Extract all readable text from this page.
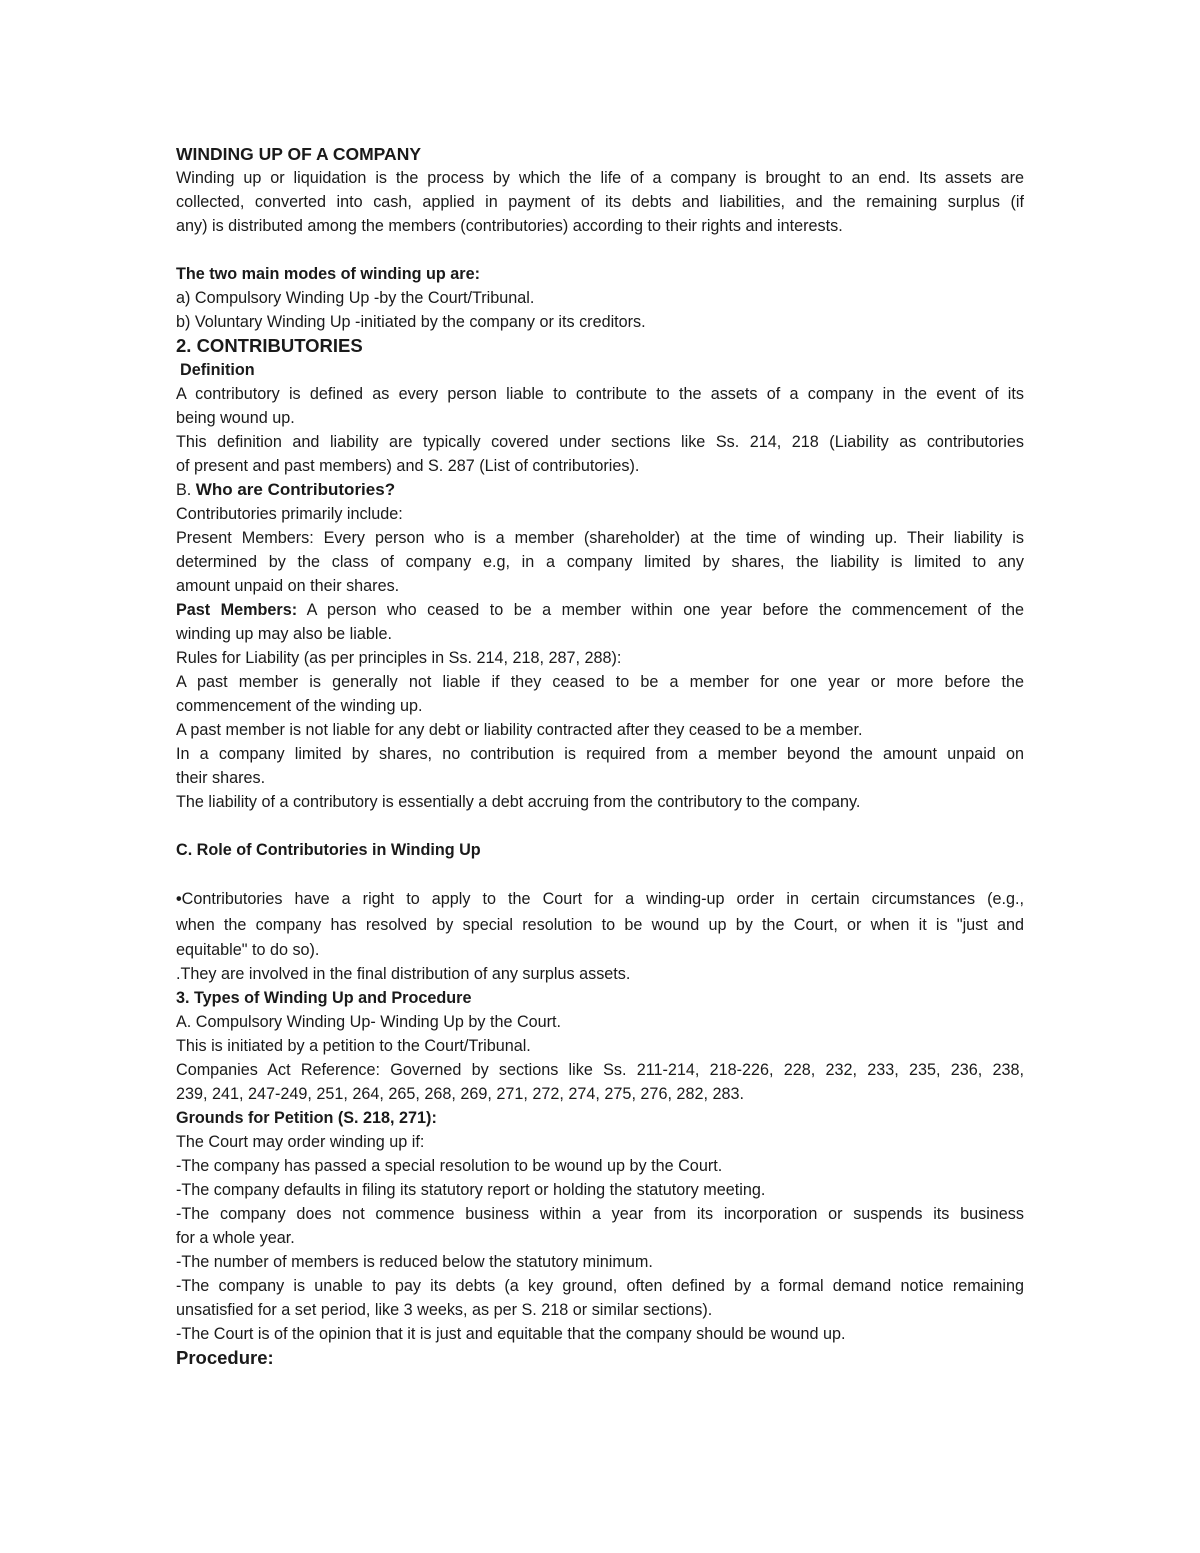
WINDING UP OF A COMPANY
Winding up or liquidation is the process by which the life of a company is brought to an end. Its assets are
collected, converted into cash, applied in payment of its debts and liabilities, and the remaining surplus (if
any) is distributed among the members (contributories) according to their rights and interests.
The two main modes of winding up are:
a) Compulsory Winding Up -by the Court/Tribunal.
b) Voluntary Winding Up -initiated by the company or its creditors.
2. CONTRIBUTORIES
Definition
A contributory is defined as every person liable to contribute to the assets of a company in the event of its
being wound up.
This definition and liability are typically covered under sections like Ss. 214, 218 (Liability as contributories
of present and past members) and S. 287 (List of contributories).
B. Who are Contributories?
Contributories primarily include:
Present Members: Every person who is a member (shareholder) at the time of winding up. Their liability is
determined by the class of company e.g, in a company limited by shares, the liability is limited to any
amount unpaid on their shares.
Past Members: A person who ceased to be a member within one year before the commencement of the
winding up may also be liable.
Rules for Liability (as per principles in Ss. 214, 218, 287, 288):
A past member is generally not liable if they ceased to be a member for one year or more before the
commencement of the winding up.
A past member is not liable for any debt or liability contracted after they ceased to be a member.
In a company limited by shares, no contribution is required from a member beyond the amount unpaid on
their shares.
The liability of a contributory is essentially a debt accruing from the contributory to the company.
C. Role of Contributories in Winding Up
•Contributories have a right to apply to the Court for a winding-up order in certain circumstances (e.g.,
when the company has resolved by special resolution to be wound up by the Court, or when it is "just and
equitable" to do so).
.They are involved in the final distribution of any surplus assets.
3. Types of Winding Up and Procedure
A. Compulsory Winding Up- Winding Up by the Court.
This is initiated by a petition to the Court/Tribunal.
Companies Act Reference: Governed by sections like Ss. 211-214, 218-226, 228, 232, 233, 235, 236, 238,
239, 241, 247-249, 251, 264, 265, 268, 269, 271, 272, 274, 275, 276, 282, 283.
Grounds for Petition (S. 218, 271):
The Court may order winding up if:
-The company has passed a special resolution to be wound up by the Court.
-The company defaults in filing its statutory report or holding the statutory meeting.
-The company does not commence business within a year from its incorporation or suspends its business
for a whole year.
-The number of members is reduced below the statutory minimum.
-The company is unable to pay its debts (a key ground, often defined by a formal demand notice remaining
unsatisfied for a set period, like 3 weeks, as per S. 218 or similar sections).
-The Court is of the opinion that it is just and equitable that the company should be wound up.
Procedure:
